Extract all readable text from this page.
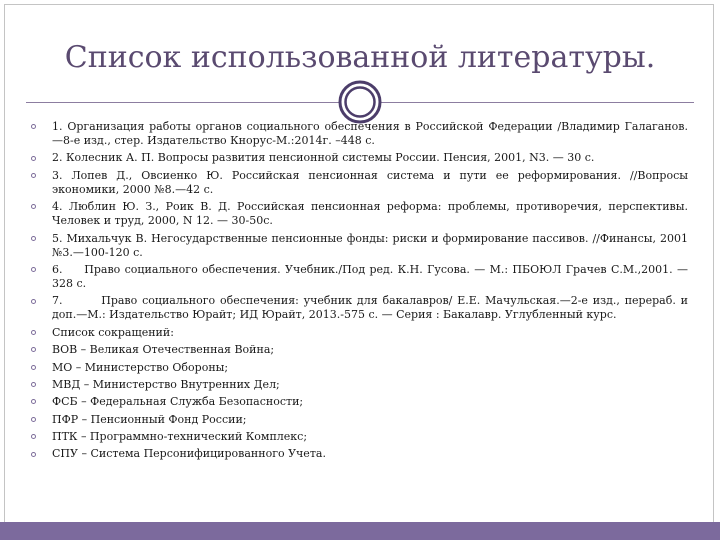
Список использованной литературы.
1. Организация работы органов социального обеспечения в Российской Федерации /Владимир Галаганов. —8-е изд., стер. Издательство Кнорус-М.:2014г. –448 с.
2. Колесник А. П. Вопросы развития пенсионной системы России. Пенсия, 2001, N3. — 30 с.
3. Лопев Д., Овсиенко Ю. Российская пенсионная система и пути ее реформирования. //Вопросы экономики, 2000 №8.—42 с.
4. Люблин Ю. З., Роик В. Д. Российская пенсионная реформа: проблемы, противоречия, перспективы. Человек и труд, 2000, N 12. — 30-50с.
5. Михальчук В. Негосударственные пенсионные фонды: риски и формирование пассивов. //Финансы, 2001 №3.—100-120 с.
6.     Право социального обеспечения. Учебник./Под ред. К.Н. Гусова. — М.: ПБОЮЛ Грачев С.М.,2001. — 328 с.
7.        Право социального обеспечения: учебник для бакалавров/ Е.Е. Мачульская.—2-е изд., перераб. и доп.—М.: Издательство Юрайт; ИД Юрайт, 2013.-575 с. — Серия : Бакалавр. Углубленный курс.
Список сокращений:
ВОВ – Великая Отечественная Война;
МО – Министерство Обороны;
МВД – Министерство Внутренних Дел;
ФСБ – Федеральная Служба Безопасности;
ПФР – Пенсионный Фонд России;
ПТК – Программно-технический Комплекс;
СПУ – Система Персонифицированного Учета.
